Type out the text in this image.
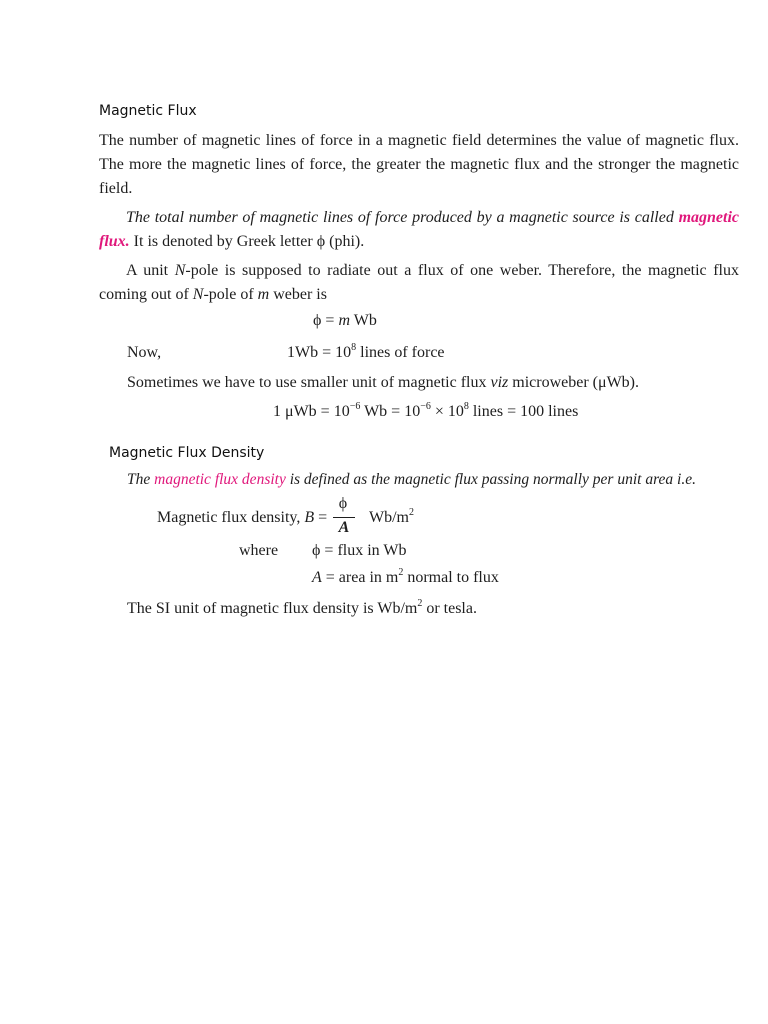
Magnetic Flux
The number of magnetic lines of force in a magnetic field determines the value of magnetic flux. The more the magnetic lines of force, the greater the magnetic flux and the stronger the magnetic field.
The total number of magnetic lines of force produced by a magnetic source is called magnetic flux. It is denoted by Greek letter ϕ (phi).
A unit N-pole is supposed to radiate out a flux of one weber. Therefore, the magnetic flux coming out of N-pole of m weber is
ϕ = m Wb
Now,	$1Wb = 10^8$ lines of force
Sometimes we have to use smaller unit of magnetic flux viz microweber (μWb).
1 $\mu Wb = 10^{-6}$ $Wb = 10^{-6} \times 10^8$ lines = 100 lines
Magnetic Flux Density
The magnetic flux density is defined as the magnetic flux passing normally per unit area i.e.
Magnetic flux density, B =
ϕ
A
$Wb/m^2$
where ϕ = flux in Wb
A = area in $m^2$ normal to flux
The SI unit of magnetic flux density is $Wb/m^2$ or tesla.
